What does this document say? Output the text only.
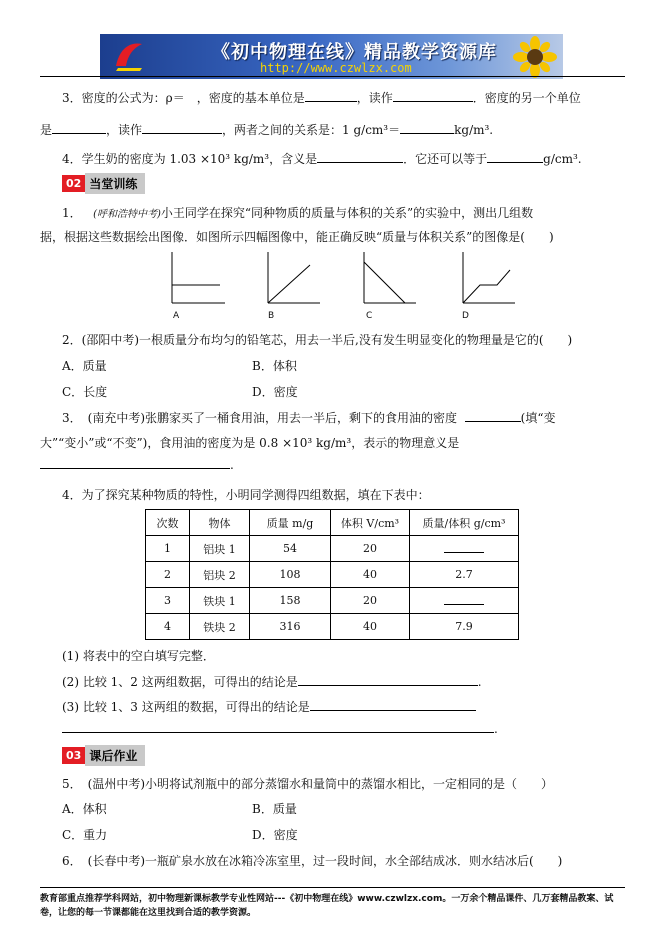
《初中物理在线》精品教学资源库
http://www.czwlzx.com
3．密度的公式为：ρ＝　，密度的基本单位是	，读作	．密度的另一个单位
是	，读作	，两者之间的关系是：1 g/cm³＝	kg/m³.
4．学生奶的密度为 1.03 ×10³ kg/m³，含义是	．它还可以等于	g/cm³.
02 当堂训练
1． (呼和浩特中考)小王同学在探究“同种物质的质量与体积的关系”的实验中，测出几组数
据，根据这些数据绘出图像．如图所示四幅图像中，能正确反映“质量与体积关系”的图像是(　　)
A	B	C	D
2．(邵阳中考)一根质量分布均匀的铅笔芯，用去一半后,没有发生明显变化的物理量是它的(　　)
A．质量	B．体积
C．长度	D．密度
3．　(南充中考)张鹏家买了一桶食用油，用去一半后，剩下的食用油的密度	(填“变
大”“变小”或“不变”)，食用油的密度为是 0.8 ×10³ kg/m³，表示的物理意义是
.
4．为了探究某种物质的特性，小明同学测得四组数据，填在下表中：
次数	物体	质量 m/g	体积 V/cm³	质量/体积 g/cm³
1	铝块 1	54	20	
2	铝块 2	108	40	2.7
3	铁块 1	158	20	
4	铁块 2	316	40	7.9
(1) 将表中的空白填写完整．
(2) 比较 1、2 这两组数据，可得出的结论是	.
(3) 比较 1、3 这两组的数据，可得出的结论是
.
03 课后作业
5．　(温州中考)小明将试剂瓶中的部分蒸馏水和量筒中的蒸馏水相比，一定相同的是（　　）
A．体积	B．质量
C．重力	D．密度
6．　(长春中考)一瓶矿泉水放在冰箱冷冻室里，过一段时间，水全部结成冰．则水结冰后(　　)
教育部重点推荐学科网站，初中物理新课标教学专业性网站---《初中物理在线》www.czwlzx.com。一万余个精品课件、几万套精品教案、试卷，让您的每一节课都能在这里找到合适的教学资源。
